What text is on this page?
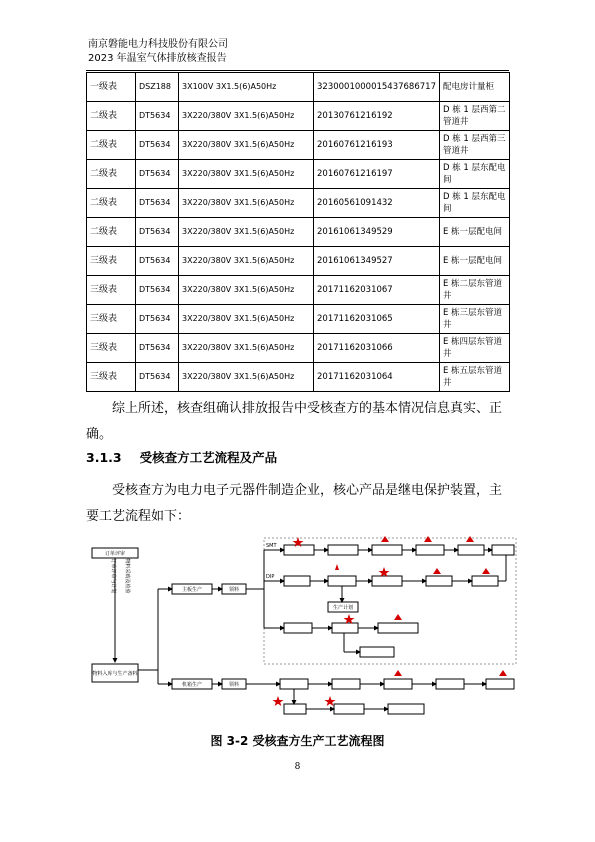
南京磐能电力科技股份有限公司
2023 年温室气体排放核查报告
一级表	DSZ188	3X100V 3X1.5(6)A50Hz	3230001000015437686717	配电房计量柜
二级表	DT5634	3X220/380V 3X1.5(6)A50Hz	20130761216192	D 栋 1 层西第二管道井
二级表	DT5634	3X220/380V 3X1.5(6)A50Hz	20160761216193	D 栋 1 层西第三管道井
二级表	DT5634	3X220/380V 3X1.5(6)A50Hz	20160761216197	D 栋 1 层东配电间
二级表	DT5634	3X220/380V 3X1.5(6)A50Hz	20160561091432	D 栋 1 层东配电间
二级表	DT5634	3X220/380V 3X1.5(6)A50Hz	20161061349529	E 栋一层配电间
三级表	DT5634	3X220/380V 3X1.5(6)A50Hz	20161061349527	E 栋一层配电间
三级表	DT5634	3X220/380V 3X1.5(6)A50Hz	20171162031067	E 栋二层东管道井
三级表	DT5634	3X220/380V 3X1.5(6)A50Hz	20171162031065	E 栋三层东管道井
三级表	DT5634	3X220/380V 3X1.5(6)A50Hz	20171162031066	E 栋四层东管道井
三级表	DT5634	3X220/380V 3X1.5(6)A50Hz	20171162031064	E 栋五层东管道井
综上所述，核查组确认排放报告中受核查方的基本情况信息真实、正确。
3.1.3 受核查方工艺流程及产品
受核查方为电力电子元器件制造企业，核心产品是继电保护装置，主要工艺流程如下：
订单评审
订单评审与计划 物料采购及检验
物料入库与生产备料
主板生产	领料
SMT
DIP
生产计划
机箱生产	领料
图 3-2 受核查方生产工艺流程图
8
